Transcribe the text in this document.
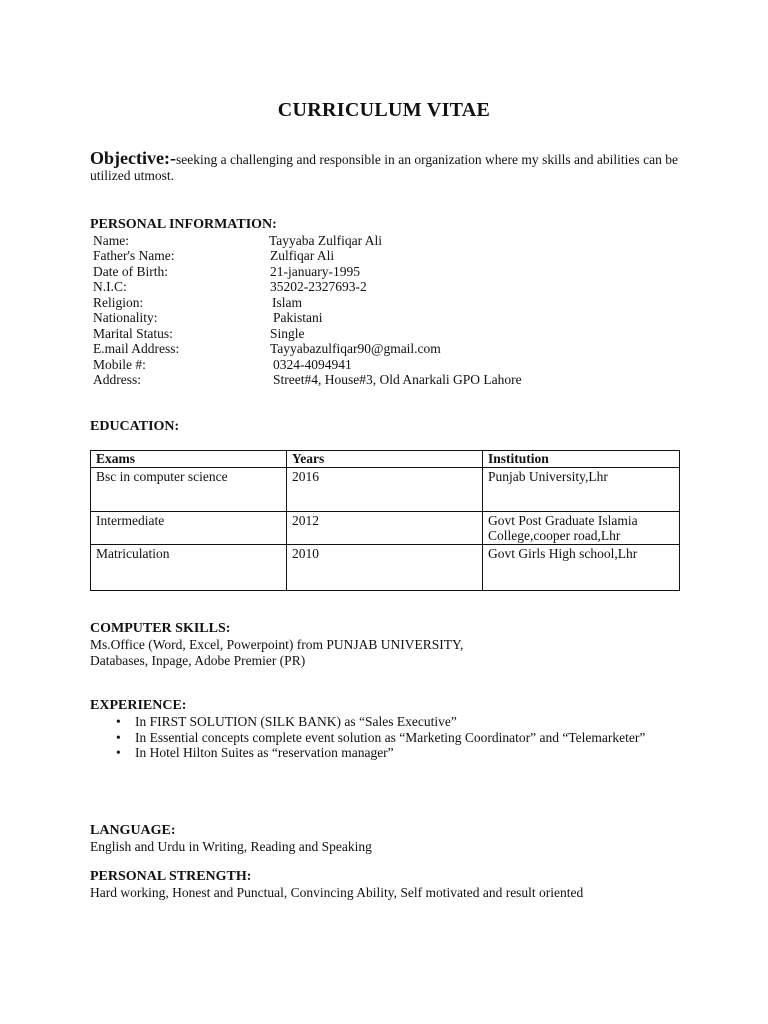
CURRICULUM VITAE
Objective:-seeking a challenging and responsible in an organization where my skills and abilities can be utilized utmost.
PERSONAL INFORMATION:
Name:	Tayyaba Zulfiqar Ali
Father's Name:	Zulfiqar Ali
Date of Birth:	21-january-1995
N.I.C:	35202-2327693-2
Religion:	Islam
Nationality:	Pakistani
Marital Status:	Single
E.mail Address:	Tayyabazulfiqar90@gmail.com
Mobile #:	0324-4094941
Address:	Street#4, House#3, Old Anarkali GPO Lahore
EDUCATION:
Exams	Years	Institution
Bsc in computer science	2016	Punjab University,Lhr
Intermediate	2012	Govt Post Graduate Islamia College,cooper road,Lhr
Matriculation	2010	Govt Girls High school,Lhr
COMPUTER SKILLS:
Ms.Office (Word, Excel, Powerpoint) from PUNJAB UNIVERSITY,
Databases, Inpage, Adobe Premier (PR)
EXPERIENCE:
• In FIRST SOLUTION (SILK BANK) as “Sales Executive”
• In Essential concepts complete event solution as “Marketing Coordinator” and “Telemarketer”
• In Hotel Hilton Suites as “reservation manager”
LANGUAGE:
English and Urdu in Writing, Reading and Speaking
PERSONAL STRENGTH:
Hard working, Honest and Punctual, Convincing Ability, Self motivated and result oriented
